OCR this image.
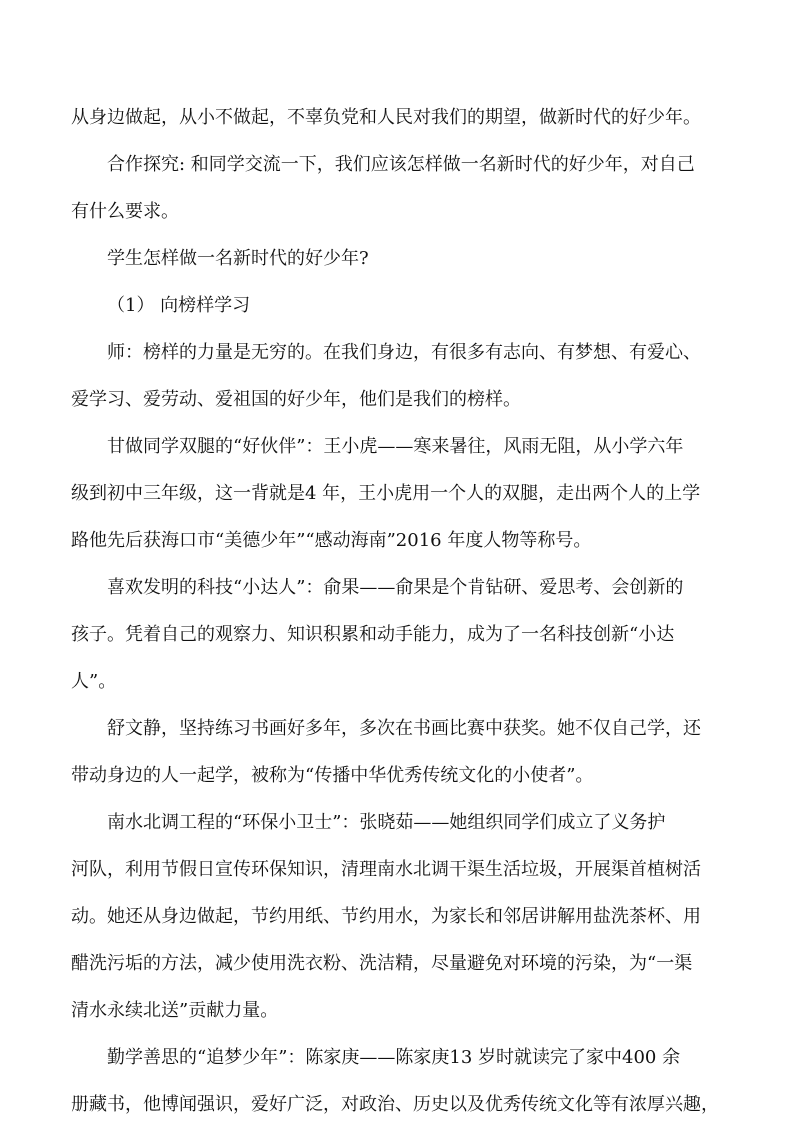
从身边做起，从小不做起，不辜负党和人民对我们的期望，做新时代的好少年。
合作探究: 和同学交流一下，我们应该怎样做一名新时代的好少年，对自己
有什么要求。
学生怎样做一名新时代的好少年?
（1） 向榜样学习
师：榜样的力量是无穷的。在我们身边，有很多有志向、有梦想、有爱心、
爱学习、爱劳动、爱祖国的好少年，他们是我们的榜样。
甘做同学双腿的“好伙伴”：王小虎——寒来暑往，风雨无阻，从小学六年
级到初中三年级，这一背就是4 年，王小虎用一个人的双腿，走出两个人的上学
路他先后获海口市“美德少年”“感动海南”2016 年度人物等称号。
喜欢发明的科技“小达人”：俞果——俞果是个肯钻研、爱思考、会创新的
孩子。凭着自己的观察力、知识积累和动手能力，成为了一名科技创新“小达
人”。
舒文静，坚持练习书画好多年，多次在书画比赛中获奖。她不仅自己学，还
带动身边的人一起学，被称为“传播中华优秀传统文化的小使者”。
南水北调工程的“环保小卫士”：张晓茹——她组织同学们成立了义务护
河队，利用节假日宣传环保知识，清理南水北调干渠生活垃圾，开展渠首植树活
动。她还从身边做起，节约用纸、节约用水，为家长和邻居讲解用盐洗茶杯、用
醋洗污垢的方法，减少使用洗衣粉、洗洁精，尽量避免对环境的污染，为“一渠
清水永续北送”贡献力量。
勤学善思的“追梦少年”：陈家庚——陈家庚13 岁时就读完了家中400 余
册藏书，他博闻强识，爱好广泛，对政治、历史以及优秀传统文化等有浓厚兴趣，
